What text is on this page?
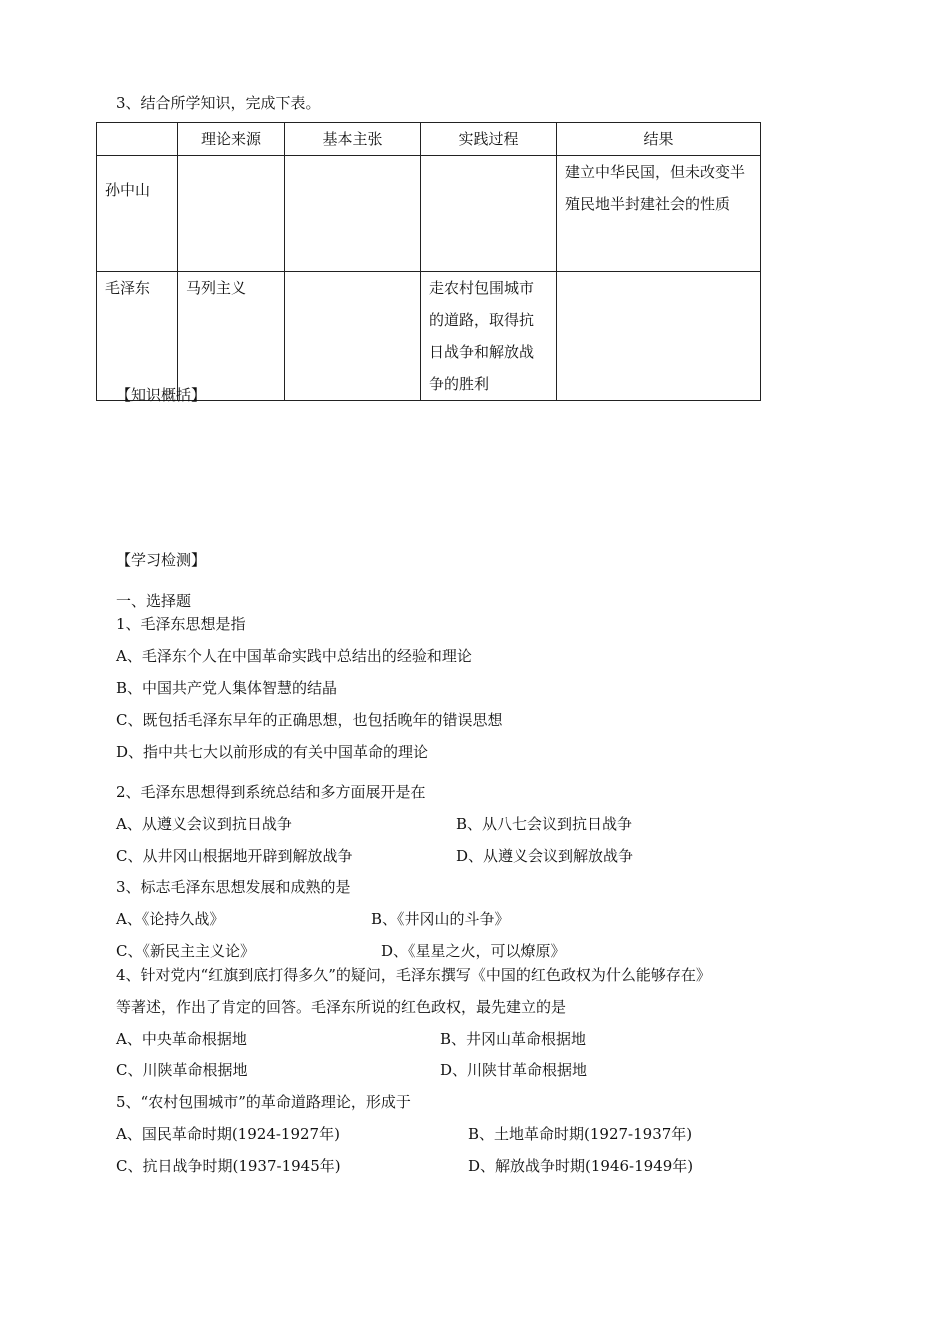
3、结合所学知识，完成下表。
	理论来源	基本主张	实践过程	结果
孙中山				建立中华民国，但未改变半殖民地半封建社会的性质
毛泽东	马列主义		走农村包围城市的道路，取得抗日战争和解放战争的胜利	
【知识概括】
【学习检测】
一、选择题
1、毛泽东思想是指
A、毛泽东个人在中国革命实践中总结出的经验和理论
B、中国共产党人集体智慧的结晶
C、既包括毛泽东早年的正确思想，也包括晚年的错误思想
D、指中共七大以前形成的有关中国革命的理论
2、毛泽东思想得到系统总结和多方面展开是在
A、从遵义会议到抗日战争	B、从八七会议到抗日战争
C、从井冈山根据地开辟到解放战争	D、从遵义会议到解放战争
3、标志毛泽东思想发展和成熟的是
A、《论持久战》	B、《井冈山的斗争》
C、《新民主主义论》	D、《星星之火，可以燎原》
4、针对党内“红旗到底打得多久”的疑问，毛泽东撰写《中国的红色政权为什么能够存在》
等著述，作出了肯定的回答。毛泽东所说的红色政权，最先建立的是
A、中央革命根据地	B、井冈山革命根据地
C、川陕革命根据地	D、川陕甘革命根据地
5、“农村包围城市”的革命道路理论，形成于
A、国民革命时期(1924-1927年)	B、土地革命时期(1927-1937年)
C、抗日战争时期(1937-1945年)	D、解放战争时期(1946-1949年)
